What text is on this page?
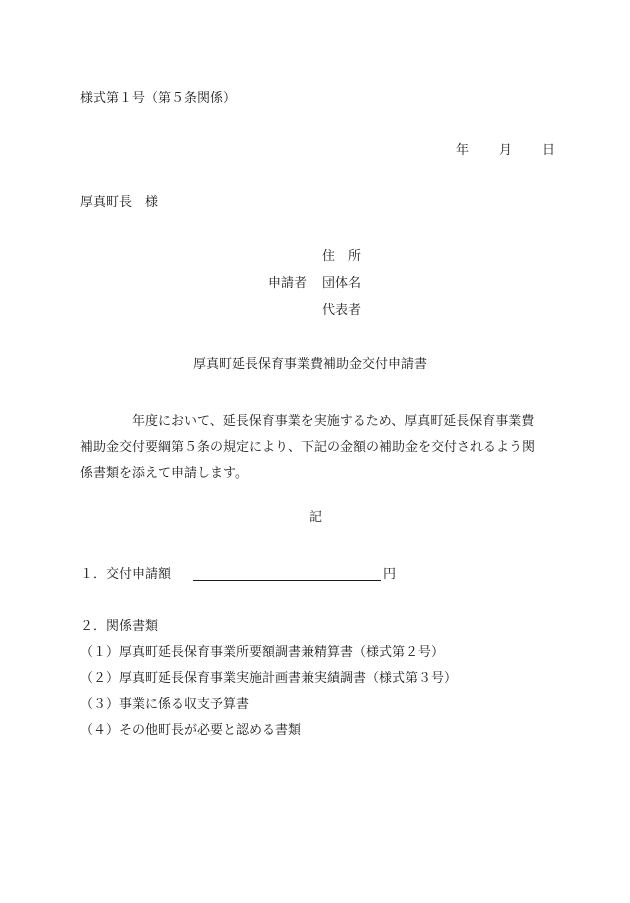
様式第１号（第５条関係）
年 月 日
厚真町長 様
住　所
申請者 団体名
代表者
厚真町延長保育事業費補助金交付申請書
年度において、延長保育事業を実施するため、厚真町延長保育事業費
補助金交付要綱第５条の規定により、下記の金額の補助金を交付されるよう関
係書類を添えて申請します。
記
１．交付申請額	円
２．関係書類
（１）厚真町延長保育事業所要額調書兼精算書（様式第２号）
（２）厚真町延長保育事業実施計画書兼実績調書（様式第３号）
（３）事業に係る収支予算書
（４）その他町長が必要と認める書類
